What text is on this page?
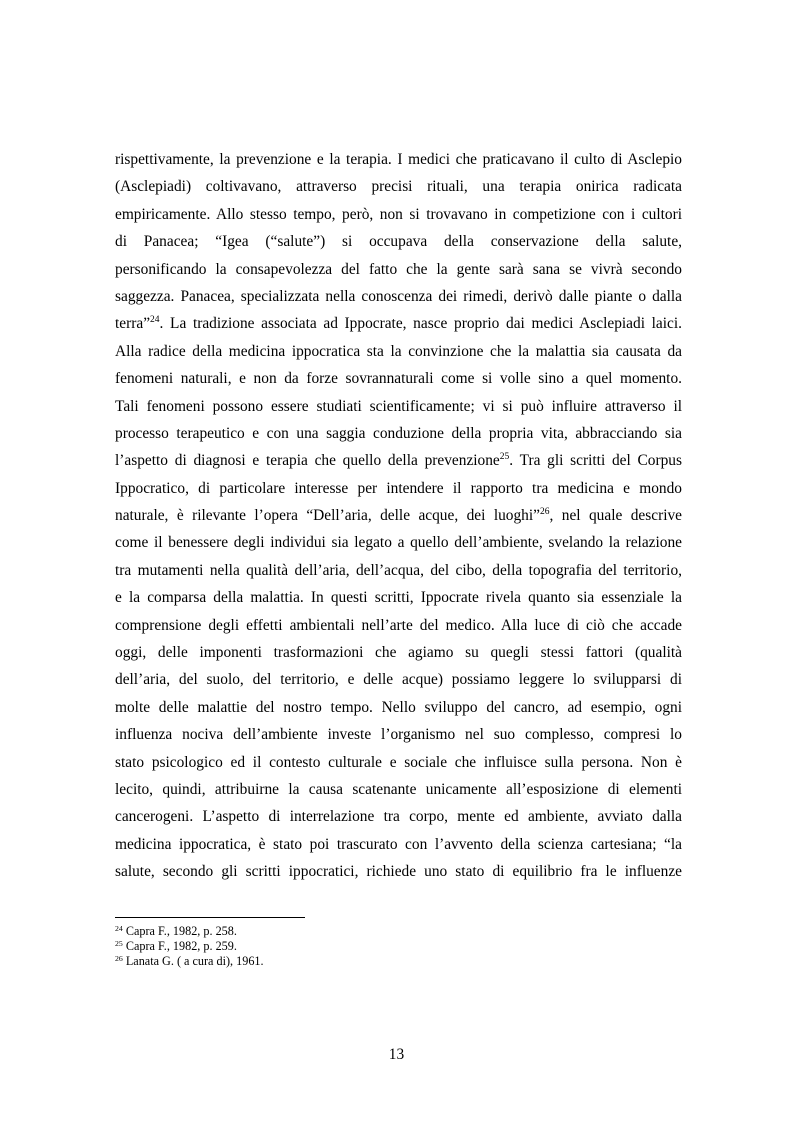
rispettivamente, la prevenzione e la terapia. I medici che praticavano il culto di Asclepio
(Asclepiadi) coltivavano, attraverso precisi rituali, una terapia onirica radicata
empiricamente. Allo stesso tempo, però, non si trovavano in competizione con i cultori
di Panacea; “Igea (“salute”) si occupava della conservazione della salute,
personificando la consapevolezza del fatto che la gente sarà sana se vivrà secondo
saggezza. Panacea, specializzata nella conoscenza dei rimedi, derivò dalle piante o dalla
terra”$^{24}$. La tradizione associata ad Ippocrate, nasce proprio dai medici Asclepiadi laici.
Alla radice della medicina ippocratica sta la convinzione che la malattia sia causata da
fenomeni naturali, e non da forze sovrannaturali come si volle sino a quel momento.
Tali fenomeni possono essere studiati scientificamente; vi si può influire attraverso il
processo terapeutico e con una saggia conduzione della propria vita, abbracciando sia
l’aspetto di diagnosi e terapia che quello della prevenzione$^{25}$. Tra gli scritti del Corpus
Ippocratico, di particolare interesse per intendere il rapporto tra medicina e mondo
naturale, è rilevante l’opera “Dell’aria, delle acque, dei luoghi”$^{26}$, nel quale descrive
come il benessere degli individui sia legato a quello dell’ambiente, svelando la relazione
tra mutamenti nella qualità dell’aria, dell’acqua, del cibo, della topografia del territorio,
e la comparsa della malattia. In questi scritti, Ippocrate rivela quanto sia essenziale la
comprensione degli effetti ambientali nell’arte del medico. Alla luce di ciò che accade
oggi, delle imponenti trasformazioni che agiamo su quegli stessi fattori (qualità
dell’aria, del suolo, del territorio, e delle acque) possiamo leggere lo svilupparsi di
molte delle malattie del nostro tempo. Nello sviluppo del cancro, ad esempio, ogni
influenza nociva dell’ambiente investe l’organismo nel suo complesso, compresi lo
stato psicologico ed il contesto culturale e sociale che influisce sulla persona. Non è
lecito, quindi, attribuirne la causa scatenante unicamente all’esposizione di elementi
cancerogeni. L’aspetto di interrelazione tra corpo, mente ed ambiente, avviato dalla
medicina ippocratica, è stato poi trascurato con l’avvento della scienza cartesiana; “la
salute, secondo gli scritti ippocratici, richiede uno stato di equilibrio fra le influenze
$^{24}$ Capra F., 1982, p. 258.
$^{25}$ Capra F., 1982, p. 259.
$^{26}$ Lanata G. ( a cura di), 1961.
13
